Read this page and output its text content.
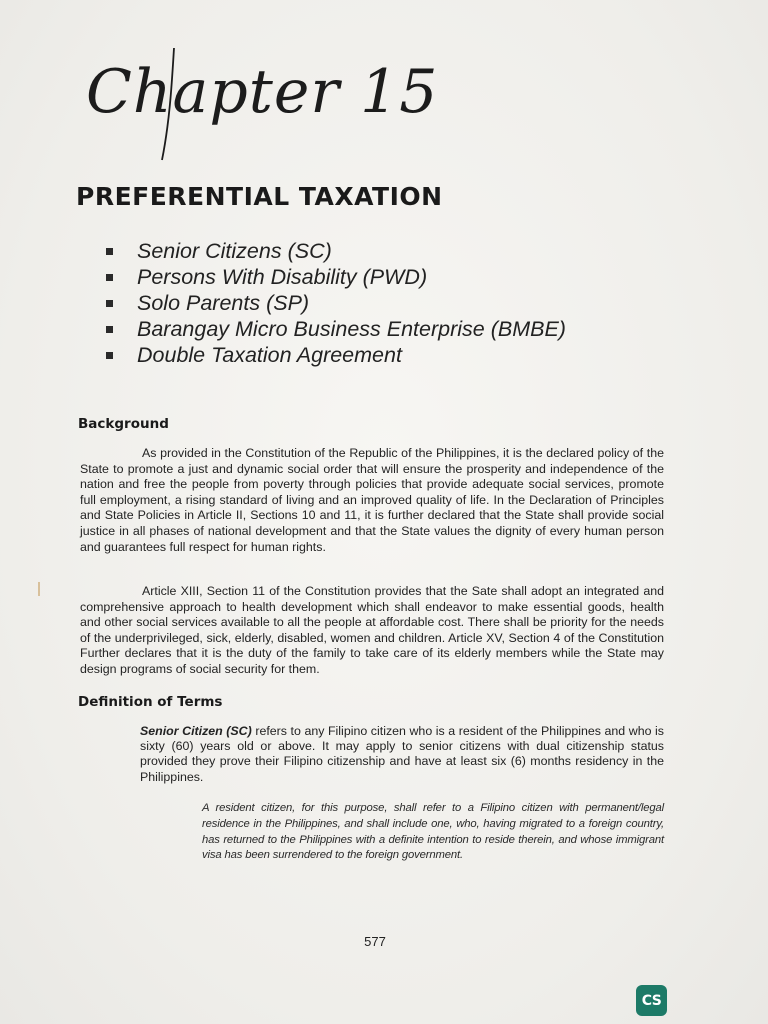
Chapter 15
PREFERENTIAL TAXATION
Senior Citizens (SC)
Persons With Disability (PWD)
Solo Parents (SP)
Barangay Micro Business Enterprise (BMBE)
Double Taxation Agreement
Background

As provided in the Constitution of the Republic of the Philippines, it is the declared policy of the State to promote a just and dynamic social order that will ensure the prosperity and independence of the nation and free the people from poverty through policies that provide adequate social services, promote full employment, a rising standard of living and an improved quality of life. In the Declaration of Principles and State Policies in Article II, Sections 10 and 11, it is further declared that the State shall provide social justice in all phases of national development and that the State values the dignity of every human person and guarantees full respect for human rights.

Article XIII, Section 11 of the Constitution provides that the Sate shall adopt an integrated and comprehensive approach to health development which shall endeavor to make essential goods, health and other social services available to all the people at affordable cost. There shall be priority for the needs of the underprivileged, sick, elderly, disabled, women and children. Article XV, Section 4 of the Constitution Further declares that it is the duty of the family to take care of its elderly members while the State may design programs of social security for them.

Definition of Terms

Senior Citizen (SC) refers to any Filipino citizen who is a resident of the Philippines and who is sixty (60) years old or above. It may apply to senior citizens with dual citizenship status provided they prove their Filipino citizenship and have at least six (6) months residency in the Philippines.

A resident citizen, for this purpose, shall refer to a Filipino citizen with permanent/legal residence in the Philippines, and shall include one, who, having migrated to a foreign country, has returned to the Philippines with a definite intention to reside therein, and whose immigrant visa has been surrendered to the foreign government.

577
CS
